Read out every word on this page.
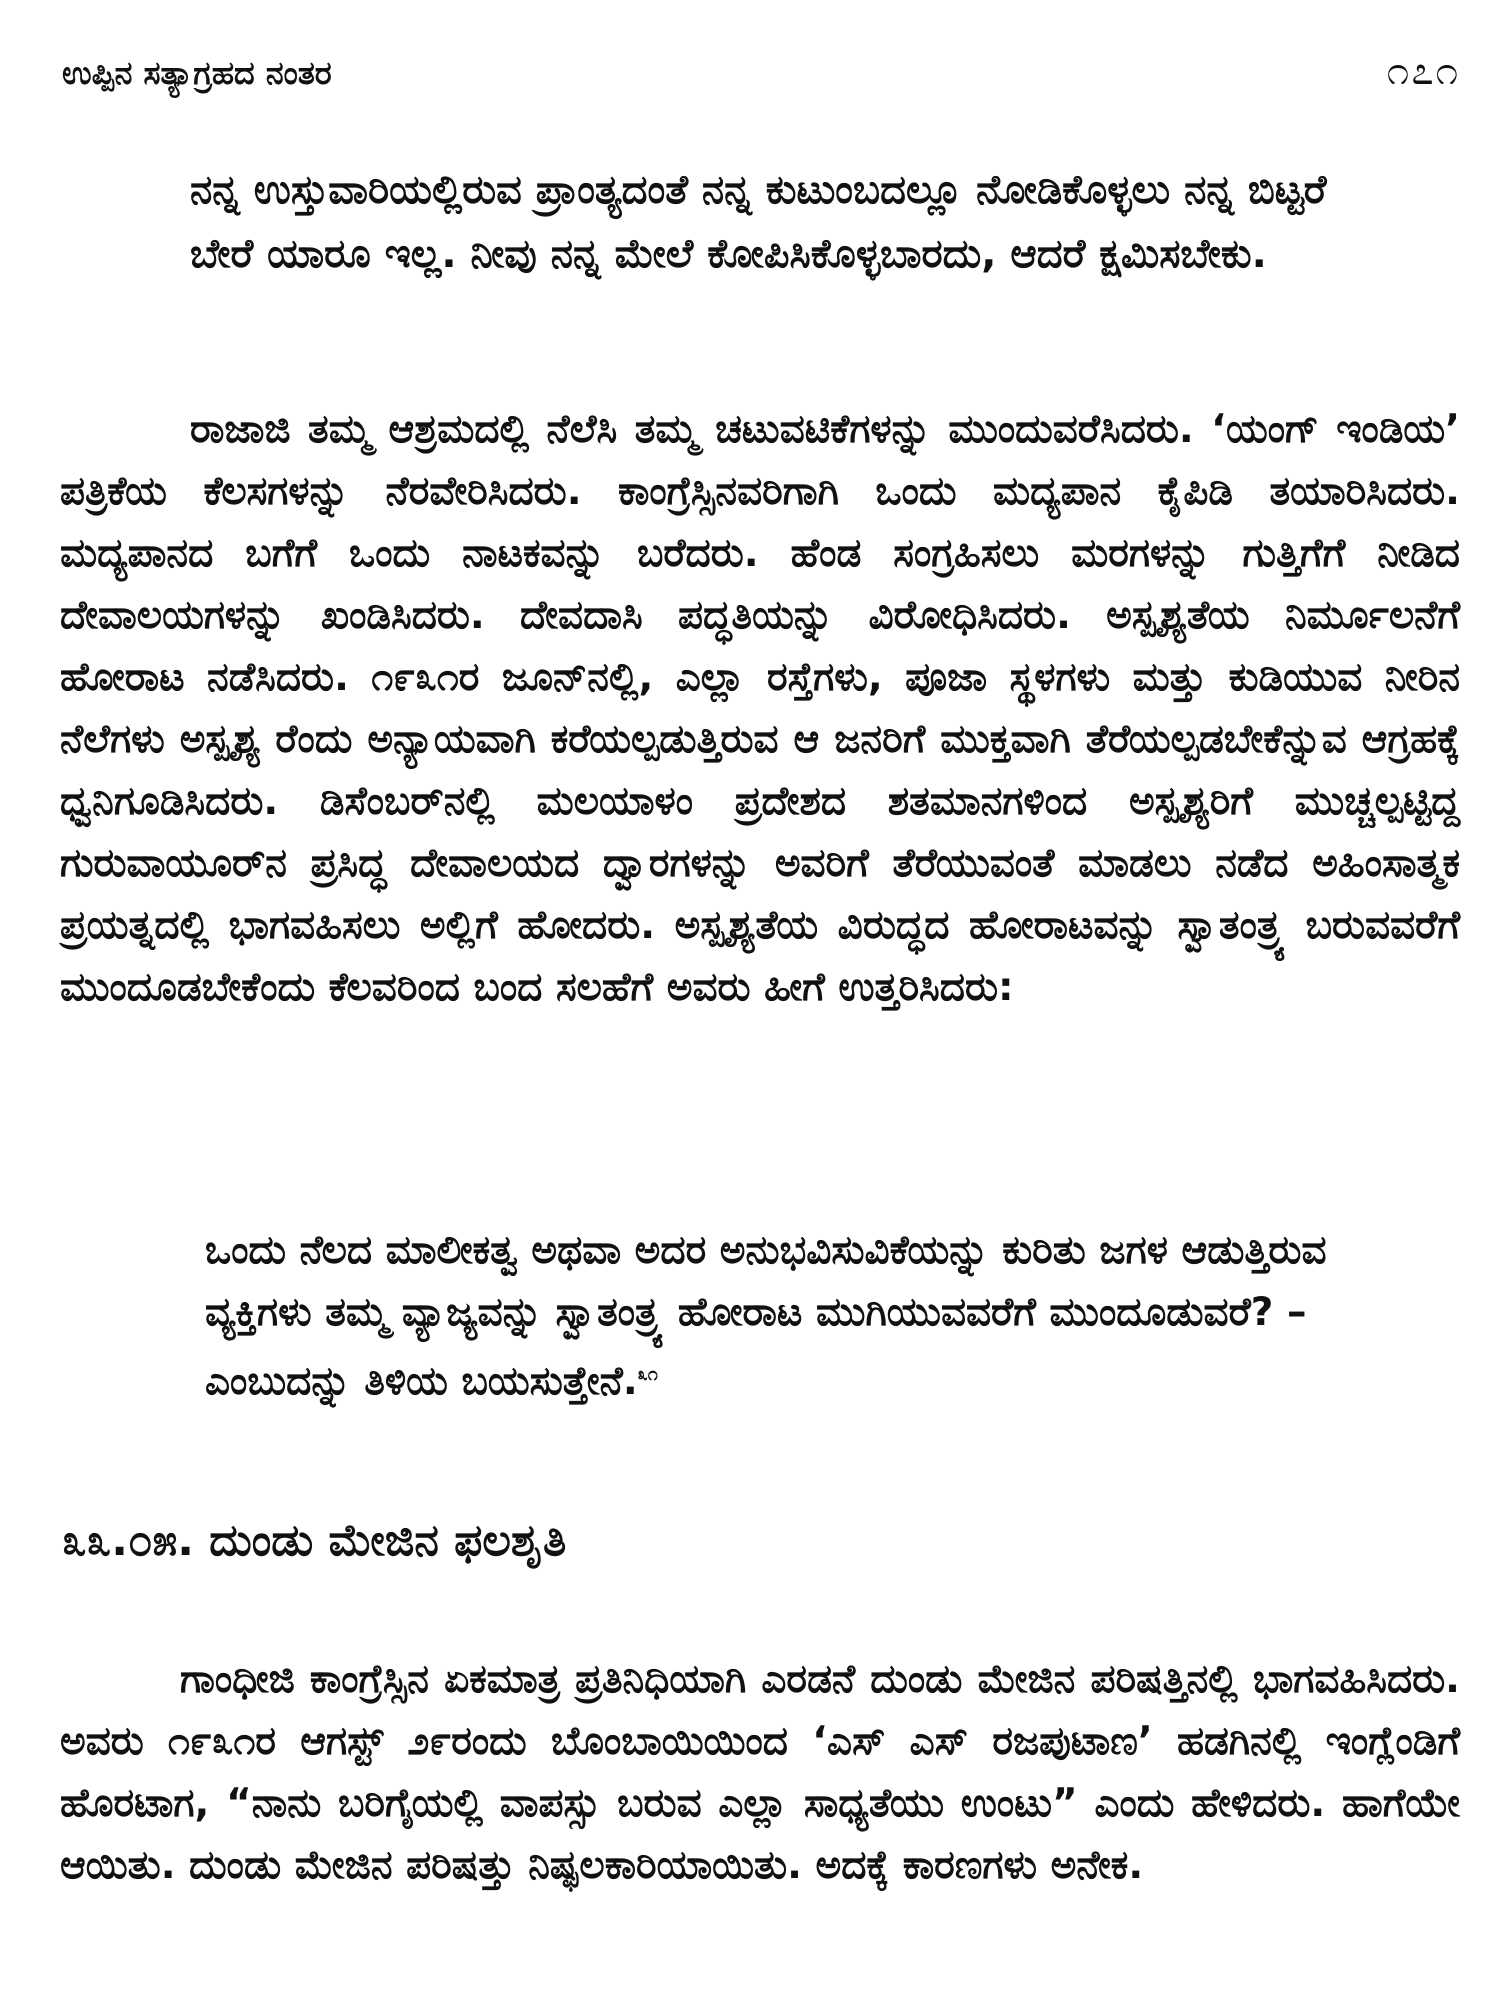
ಉಪ್ಪಿನ ಸತ್ಯಾಗ್ರಹದ ನಂತರ	೧೭೧

ನನ್ನ ಉಸ್ತುವಾರಿಯಲ್ಲಿರುವ ಪ್ರಾಂತ್ಯದಂತೆ ನನ್ನ ಕುಟುಂಬದಲ್ಲೂ ನೋಡಿಕೊಳ್ಳಲು ನನ್ನ ಬಿಟ್ಟರೆ ಬೇರೆ ಯಾರೂ ಇಲ್ಲ. ನೀವು ನನ್ನ ಮೇಲೆ ಕೋಪಿಸಿಕೊಳ್ಳಬಾರದು, ಆದರೆ ಕ್ಷಮಿಸಬೇಕು.

ರಾಜಾಜಿ ತಮ್ಮ ಆಶ್ರಮದಲ್ಲಿ ನೆಲೆಸಿ ತಮ್ಮ ಚಟುವಟಿಕೆಗಳನ್ನು ಮುಂದುವರೆಸಿದರು. ‘ಯಂಗ್ ಇಂಡಿಯ’ ಪತ್ರಿಕೆಯ ಕೆಲಸಗಳನ್ನು ನೆರವೇರಿಸಿದರು. ಕಾಂಗ್ರೆಸ್ಸಿನವರಿಗಾಗಿ ಒಂದು ಮದ್ಯಪಾನ ಕೈಪಿಡಿ ತಯಾರಿಸಿದರು. ಮದ್ಯಪಾನದ ಬಗೆಗೆ ಒಂದು ನಾಟಕವನ್ನು ಬರೆದರು. ಹೆಂಡ ಸಂಗ್ರಹಿಸಲು ಮರಗಳನ್ನು ಗುತ್ತಿಗೆಗೆ ನೀಡಿದ ದೇವಾಲಯಗಳನ್ನು ಖಂಡಿಸಿದರು. ದೇವದಾಸಿ ಪದ್ಧತಿಯನ್ನು ವಿರೋಧಿಸಿದರು. ಅಸ್ಪೃಶ್ಯತೆಯ ನಿರ್ಮೂಲನೆಗೆ ಹೋರಾಟ ನಡೆಸಿದರು. ೧೯೩೧ರ ಜೂನ್‌ನಲ್ಲಿ, ಎಲ್ಲಾ ರಸ್ತೆಗಳು, ಪೂಜಾ ಸ್ಥಳಗಳು ಮತ್ತು ಕುಡಿಯುವ ನೀರಿನ ನೆಲೆಗಳು ಅಸ್ಪೃಶ್ಯ ರೆಂದು ಅನ್ಯಾಯವಾಗಿ ಕರೆಯಲ್ಪಡುತ್ತಿರುವ ಆ ಜನರಿಗೆ ಮುಕ್ತವಾಗಿ ತೆರೆಯಲ್ಪಡಬೇಕೆನ್ನುವ ಆಗ್ರಹಕ್ಕೆ ಧ್ವನಿಗೂಡಿಸಿದರು. ಡಿಸೆಂಬರ್‌ನಲ್ಲಿ ಮಲಯಾಳಂ ಪ್ರದೇಶದ ಶತಮಾನಗಳಿಂದ ಅಸ್ಪೃಶ್ಯರಿಗೆ ಮುಚ್ಚಲ್ಪಟ್ಟಿದ್ದ ಗುರುವಾಯೂರ್‌ನ ಪ್ರಸಿದ್ಧ ದೇವಾಲಯದ ದ್ವಾರಗಳನ್ನು ಅವರಿಗೆ ತೆರೆಯುವಂತೆ ಮಾಡಲು ನಡೆದ ಅಹಿಂಸಾತ್ಮಕ ಪ್ರಯತ್ನದಲ್ಲಿ ಭಾಗವಹಿಸಲು ಅಲ್ಲಿಗೆ ಹೋದರು. ಅಸ್ಪೃಶ್ಯತೆಯ ವಿರುದ್ಧದ ಹೋರಾಟವನ್ನು ಸ್ವಾತಂತ್ರ್ಯ ಬರುವವರೆಗೆ ಮುಂದೂಡಬೇಕೆಂದು ಕೆಲವರಿಂದ ಬಂದ ಸಲಹೆಗೆ ಅವರು ಹೀಗೆ ಉತ್ತರಿಸಿದರು:

ಒಂದು ನೆಲದ ಮಾಲೀಕತ್ವ ಅಥವಾ ಅದರ ಅನುಭವಿಸುವಿಕೆಯನ್ನು ಕುರಿತು ಜಗಳ ಆಡುತ್ತಿರುವ ವ್ಯಕ್ತಿಗಳು ತಮ್ಮ ವ್ಯಾಜ್ಯವನ್ನು ಸ್ವಾತಂತ್ರ್ಯ ಹೋರಾಟ ಮುಗಿಯುವವರೆಗೆ ಮುಂದೂಡುವರೆ? – ಎಂಬುದನ್ನು ತಿಳಿಯ ಬಯಸುತ್ತೇನೆ.$^{೩೧}$

೩೩.೦೫. ದುಂಡು ಮೇಜಿನ ಫಲಶೃತಿ

ಗಾಂಧೀಜಿ ಕಾಂಗ್ರೆಸ್ಸಿನ ಏಕಮಾತ್ರ ಪ್ರತಿನಿಧಿಯಾಗಿ ಎರಡನೆ ದುಂಡು ಮೇಜಿನ ಪರಿಷತ್ತಿನಲ್ಲಿ ಭಾಗವಹಿಸಿದರು. ಅವರು ೧೯೩೧ರ ಆಗಸ್ಟ್ ೨೯ರಂದು ಬೊಂಬಾಯಿಯಿಂದ ‘ಎಸ್ ಎಸ್ ರಜಪುಟಾಣ’ ಹಡಗಿನಲ್ಲಿ ಇಂಗ್ಲೆಂಡಿಗೆ ಹೊರಟಾಗ, “ನಾನು ಬರಿಗೈಯಲ್ಲಿ ವಾಪಸ್ಸು ಬರುವ ಎಲ್ಲಾ ಸಾಧ್ಯತೆಯು ಉಂಟು” ಎಂದು ಹೇಳಿದರು. ಹಾಗೆಯೇ ಆಯಿತು. ದುಂಡು ಮೇಜಿನ ಪರಿಷತ್ತು ನಿಷ್ಫಲಕಾರಿಯಾಯಿತು. ಅದಕ್ಕೆ ಕಾರಣಗಳು ಅನೇಕ.
